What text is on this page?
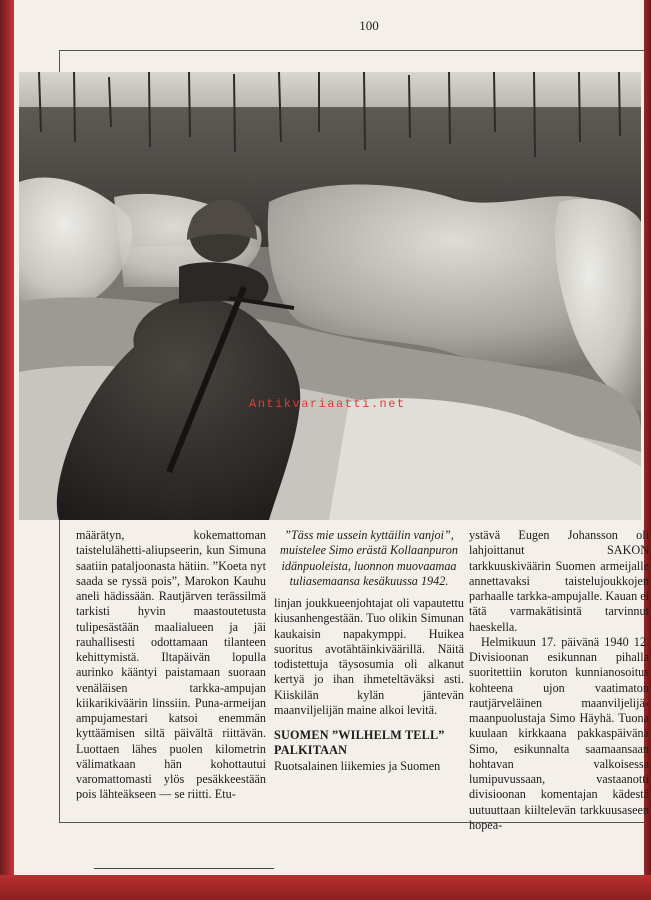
100
Antikvariaatti.net

määrätyn, kokemattoman taistelulähetti-aliupseerin, kun Simuna saatiin pataljoonasta hätiin. ”Koeta nyt saada se ryssä pois”, Marokon Kauhu aneli hädissään. Rautjärven terässilmä tarkisti hyvin maastoutetusta tulipesästään maalialueen ja jäi rauhallisesti odottamaan tilanteen kehittymistä. Iltapäivän lopulla aurinko kääntyi paistamaan suoraan venäläisen tarkka-ampujan kiikarikiväärin linssiin. Puna-armeijan ampujamestari katsoi enemmän kyttäämisen siltä päivältä riittävän. Luottaen lähes puolen kilometrin välimatkaan hän kohottautui varomattomasti ylös pesäkkeestään pois lähteäkseen — se riitti. Etu-

”Täss mie ussein kyttäilin vanjoi”, muistelee Simo erästä Kollaanpuron idänpuoleista, luonnon muovaamaa tuliasemaansa kesäkuussa 1942.

linjan joukkueenjohtajat oli vapautettu kiusanhengestään. Tuo olikin Simunan kaukaisin napakymppi. Huikea suoritus avotähtäinkiväärillä. Näitä todistettuja täysosumia oli alkanut kertyä jo ihan ihmeteltäväksi asti. Kiiskilän kylän jäntevän maanviljelijän maine alkoi levitä.

SUOMEN ”WILHELM TELL” PALKITAAN

Ruotsalainen liikemies ja Suomen

ystävä Eugen Johansson oli lahjoittanut SAKON tarkkuuskiväärin Suomen armeijalle annettavaksi taistelujoukkojen parhaalle tarkka-ampujalle. Kauan ei tätä varmakätisintä tarvinnut haeskella.

Helmikuun 17. päivänä 1940 12. Divisioonan esikunnan pihalla suoritettiin koruton kunnianosoitus kohteena ujon vaatimaton rautjärveläinen maanviljelijä-maanpuolustaja Simo Häyhä. Tuona kuulaan kirkkaana pakkaspäivänä Simo, esikunnalta saamaansaan hohtavan valkoisessa lumipuvussaan, vastaanotti divisioonan komentajan kädestä uutuuttaan kiiltelevän tarkkuusaseen hopea-
